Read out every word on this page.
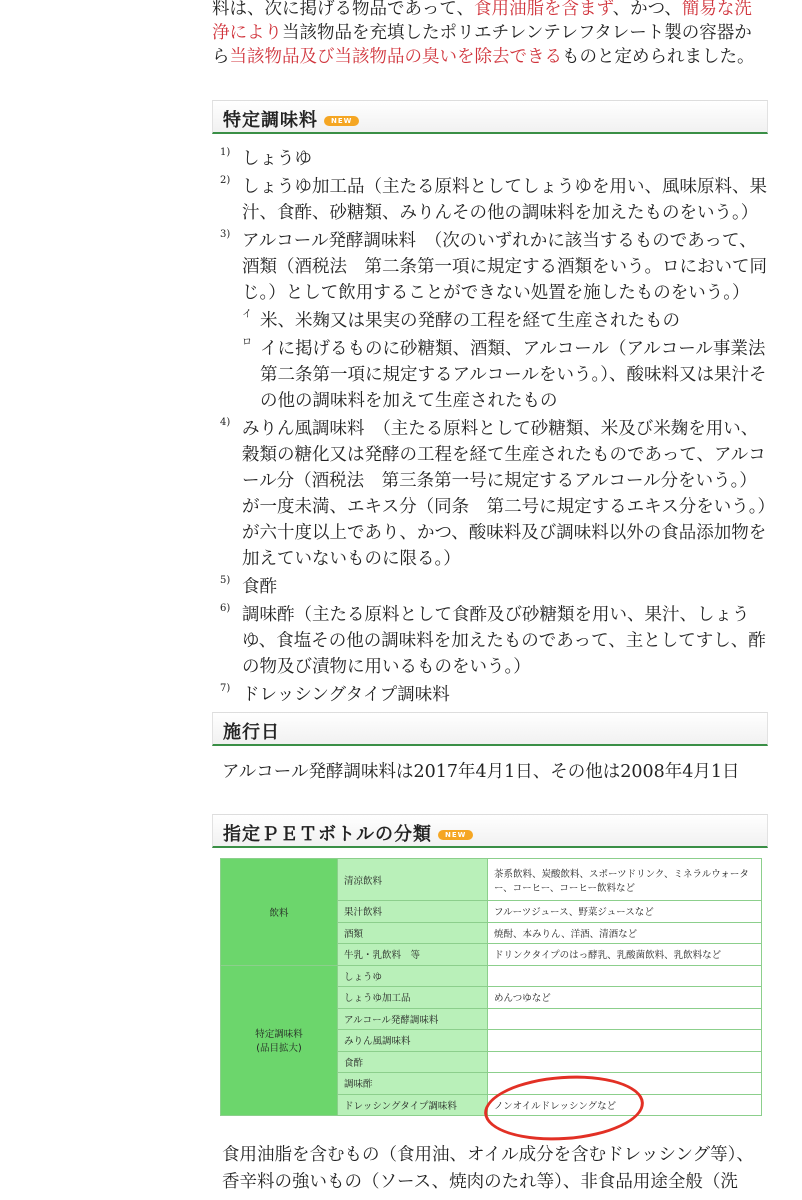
料は、次に掲げる物品であって、食用油脂を含まず、かつ、簡易な洗
浄により当該物品を充填したポリエチレンテレフタレート製の容器か
ら当該物品及び当該物品の臭いを除去できるものと定められました。
特定調味料 NEW
1) しょうゆ
2) しょうゆ加工品（主たる原料としてしょうゆを用い、風味原料、果汁、食酢、砂糖類、みりんその他の調味料を加えたものをいう。）
3) アルコール発酵調味料　（次のいずれかに該当するものであって、酒類（酒税法　第二条第一項に規定する酒類をいう。ロにおいて同じ。）として飲用することができない処置を施したものをいう。）
イ 米、米麹又は果実の発酵の工程を経て生産されたもの
ロ イに掲げるものに砂糖類、酒類、アルコール（アルコール事業法　第二条第一項に規定するアルコールをいう。）、酸味料又は果汁その他の調味料を加えて生産されたもの
4) みりん風調味料　（主たる原料として砂糖類、米及び米麹を用い、穀類の糖化又は発酵の工程を経て生産されたものであって、アルコール分（酒税法　第三条第一号に規定するアルコール分をいう。）が一度未満、エキス分（同条　第二号に規定するエキス分をいう。）が六十度以上であり、かつ、酸味料及び調味料以外の食品添加物を加えていないものに限る。）
5) 食酢
6) 調味酢（主たる原料として食酢及び砂糖類を用い、果汁、しょうゆ、食塩その他の調味料を加えたものであって、主としてすし、酢の物及び漬物に用いるものをいう。）
7) ドレッシングタイプ調味料
施行日
アルコール発酵調味料は2017年4月1日、その他は2008年4月1日
指定ＰＥＴボトルの分類 NEW
飲料	清涼飲料	茶系飲料、炭酸飲料、スポーツドリンク、ミネラルウォーター、コーヒー、コーヒー飲料など
	果汁飲料	フルーツジュース、野菜ジュースなど
	酒類	焼酎、本みりん、洋酒、清酒など
	牛乳・乳飲料　等	ドリンクタイプのはっ酵乳、乳酸菌飲料、乳飲料など

特定調味料
(品目拡大)	しょうゆ	
	しょうゆ加工品	めんつゆなど
	アルコール発酵調味料	
	みりん風調味料	
	食酢	
	調味酢	
	ドレッシングタイプ調味料	ノンオイルドレッシングなど
食用油脂を含むもの（食用油、オイル成分を含むドレッシング等）、
香辛料の強いもの（ソース、焼肉のたれ等）、非食品用途全般（洗
